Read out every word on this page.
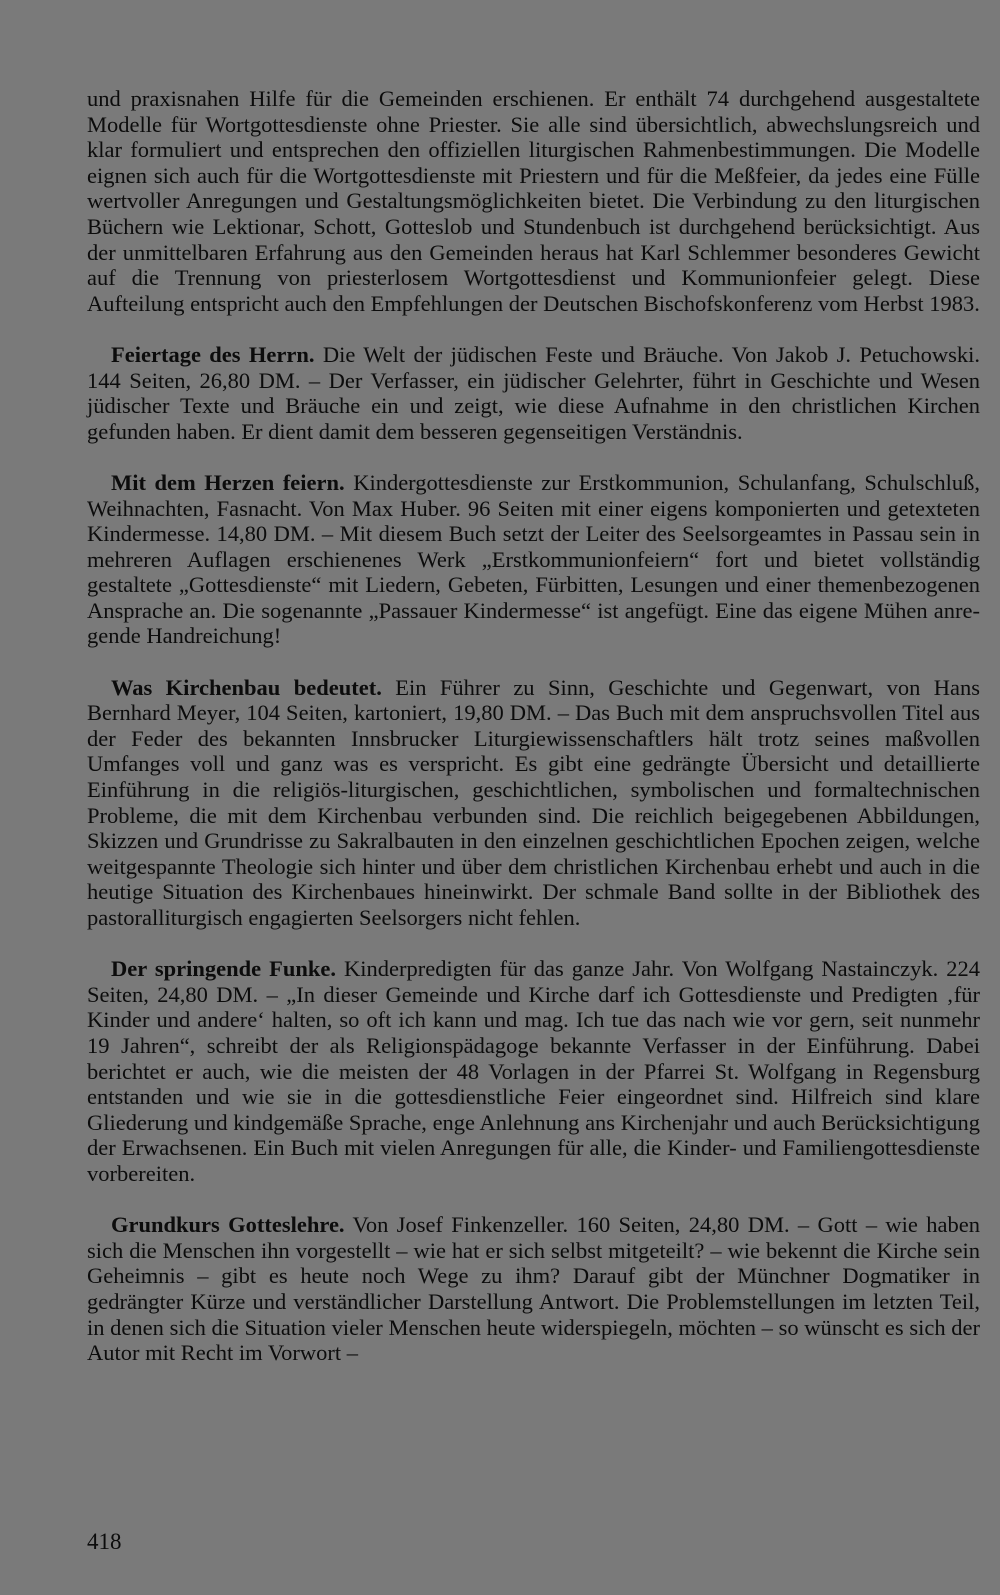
und praxisnahen Hilfe für die Gemeinden erschienen. Er enthält 74 durchgehend ausgestaltete Modelle für Wortgottesdienste ohne Priester. Sie alle sind übersichtlich, abwechslungsreich und klar formuliert und entsprechen den offiziellen liturgischen Rahmenbestimmungen. Die Modelle eignen sich auch für die Wortgottesdienste mit Priestern und für die Meßfeier, da jedes eine Fülle wertvoller Anregungen und Gestaltungsmöglichkeiten bietet. Die Verbindung zu den liturgischen Büchern wie Lektionar, Schott, Gotteslob und Stundenbuch ist durchgehend berücksichtigt. Aus der unmittelbaren Erfahrung aus den Gemeinden heraus hat Karl Schlemmer besonderes Gewicht auf die Trennung von priesterlosem Wortgottesdienst und Kommunionfeier gelegt. Diese Aufteilung entspricht auch den Empfehlungen der Deutschen Bischofskonferenz vom Herbst 1983.

Feiertage des Herrn. Die Welt der jüdischen Feste und Bräuche. Von Jakob J. Petuchowski. 144 Seiten, 26,80 DM. – Der Verfasser, ein jüdischer Gelehrter, führt in Geschichte und Wesen jüdischer Texte und Bräuche ein und zeigt, wie diese Aufnahme in den christlichen Kirchen gefunden haben. Er dient damit dem besseren gegenseitigen Verständnis.

Mit dem Herzen feiern. Kindergottesdienste zur Erstkommunion, Schulanfang, Schulschluß, Weihnachten, Fasnacht. Von Max Huber. 96 Seiten mit einer eigens komponierten und getexteten Kindermesse. 14,80 DM. – Mit diesem Buch setzt der Leiter des Seelsorgeamtes in Passau sein in mehreren Auflagen erschienenes Werk „Erstkommunionfeiern“ fort und bietet vollständig gestaltete „Gottesdienste“ mit Liedern, Gebeten, Fürbitten, Lesungen und einer themenbezogenen Ansprache an. Die sogenannte „Passauer Kindermesse“ ist angefügt. Eine das eigene Mühen anregende Handreichung!

Was Kirchenbau bedeutet. Ein Führer zu Sinn, Geschichte und Gegenwart, von Hans Bernhard Meyer, 104 Seiten, kartoniert, 19,80 DM. – Das Buch mit dem anspruchsvollen Titel aus der Feder des bekannten Innsbrucker Liturgiewissenschaftlers hält trotz seines maßvollen Umfanges voll und ganz was es verspricht. Es gibt eine gedrängte Übersicht und detaillierte Einführung in die religiös-liturgischen, geschichtlichen, symbolischen und formaltechnischen Probleme, die mit dem Kirchenbau verbunden sind. Die reichlich beigegebenen Abbildungen, Skizzen und Grundrisse zu Sakralbauten in den einzelnen geschichtlichen Epochen zeigen, welche weitgespannte Theologie sich hinter und über dem christlichen Kirchenbau erhebt und auch in die heutige Situation des Kirchenbaues hineinwirkt. Der schmale Band sollte in der Bibliothek des pastoralliturgisch engagierten Seelsorgers nicht fehlen.

Der springende Funke. Kinderpredigten für das ganze Jahr. Von Wolfgang Nastainczyk. 224 Seiten, 24,80 DM. – „In dieser Gemeinde und Kirche darf ich Gottesdienste und Predigten ‚für Kinder und andere‘ halten, so oft ich kann und mag. Ich tue das nach wie vor gern, seit nunmehr 19 Jahren“, schreibt der als Religionspädagoge bekannte Verfasser in der Einführung. Dabei berichtet er auch, wie die meisten der 48 Vorlagen in der Pfarrei St. Wolfgang in Regensburg entstanden und wie sie in die gottesdienstliche Feier eingeordnet sind. Hilfreich sind klare Gliederung und kindgemäße Sprache, enge Anlehnung ans Kirchenjahr und auch Berücksichtigung der Erwachsenen. Ein Buch mit vielen Anregungen für alle, die Kinder- und Familiengottesdienste vorbereiten.

Grundkurs Gotteslehre. Von Josef Finkenzeller. 160 Seiten, 24,80 DM. – Gott – wie haben sich die Menschen ihn vorgestellt – wie hat er sich selbst mitgeteilt? – wie bekennt die Kirche sein Geheimnis – gibt es heute noch Wege zu ihm? Darauf gibt der Münchner Dogmatiker in gedrängter Kürze und verständlicher Darstellung Antwort. Die Problemstellungen im letzten Teil, in denen sich die Situation vieler Menschen heute widerspiegeln, möchten – so wünscht es sich der Autor mit Recht im Vorwort –

418
